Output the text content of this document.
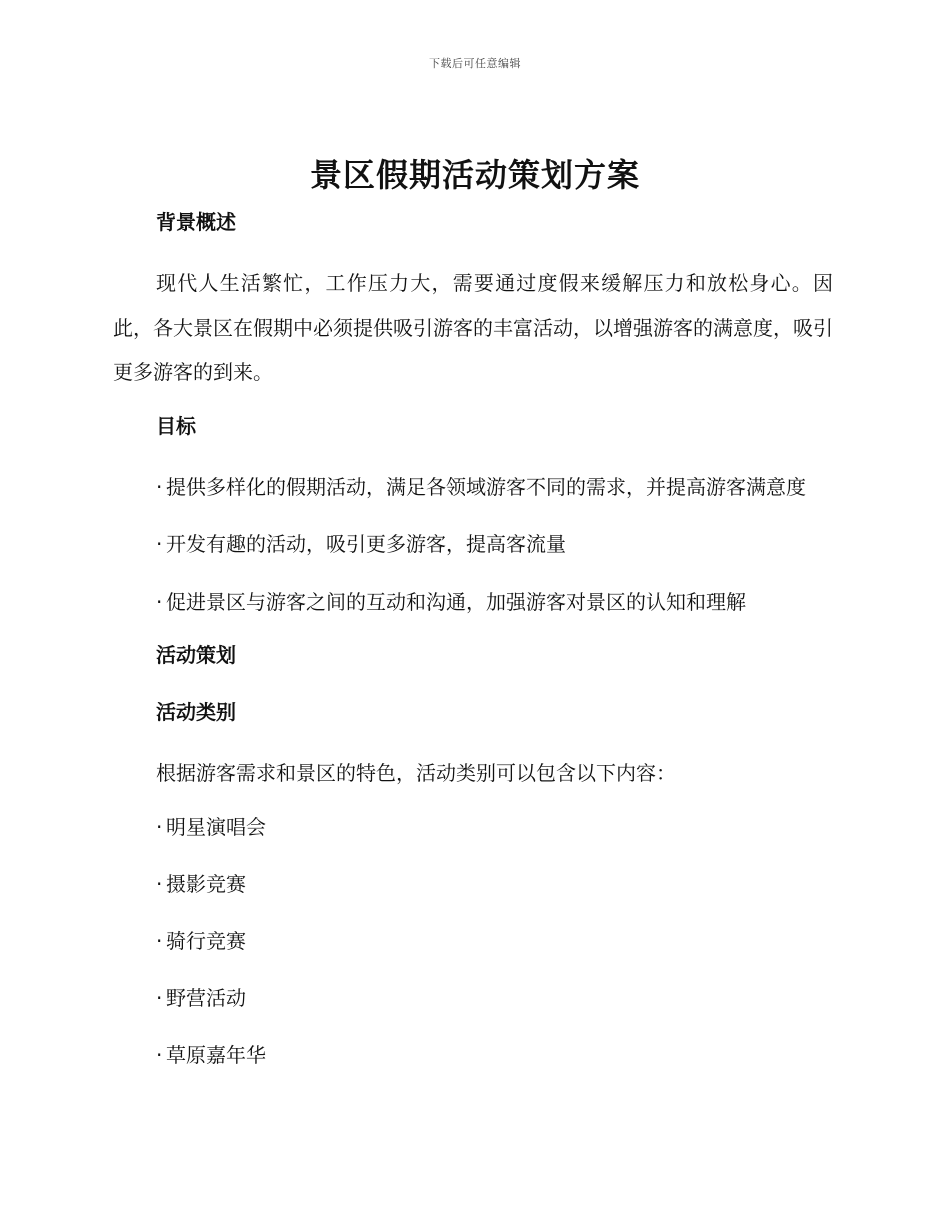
下载后可任意编辑
景区假期活动策划方案
背景概述

现代人生活繁忙，工作压力大，需要通过度假来缓解压力和放松身心。因此，各大景区在假期中必须提供吸引游客的丰富活动，以增强游客的满意度，吸引更多游客的到来。

目标

· 提供多样化的假期活动，满足各领域游客不同的需求，并提高游客满意度

· 开发有趣的活动，吸引更多游客，提高客流量

· 促进景区与游客之间的互动和沟通，加强游客对景区的认知和理解

活动策划
活动类别

根据游客需求和景区的特色，活动类别可以包含以下内容：

· 明星演唱会
· 摄影竞赛
· 骑行竞赛
· 野营活动
· 草原嘉年华
